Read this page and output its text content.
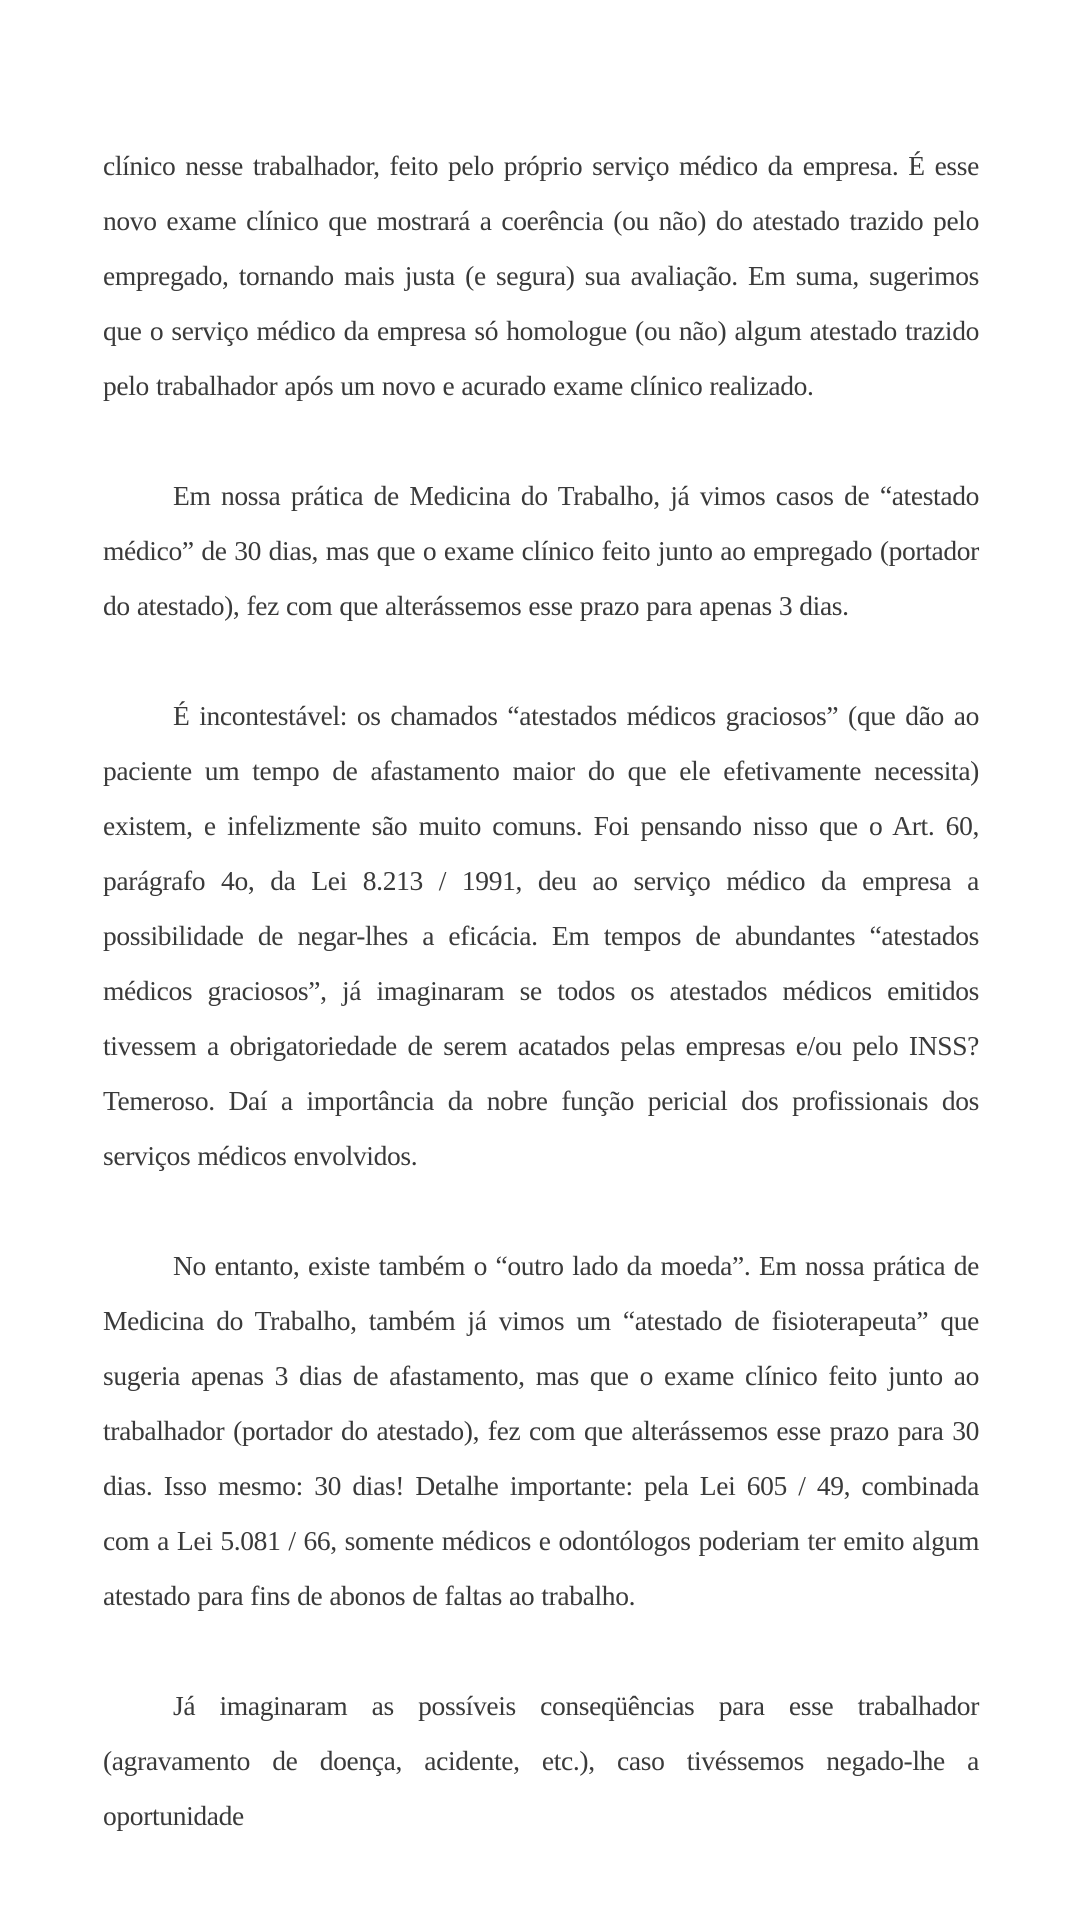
clínico nesse trabalhador, feito pelo próprio serviço médico da empresa. É esse novo exame clínico que mostrará a coerência (ou não) do atestado trazido pelo empregado, tornando mais justa (e segura) sua avaliação. Em suma, sugerimos que o serviço médico da empresa só homologue (ou não) algum atestado trazido pelo trabalhador após um novo e acurado exame clínico realizado.

Em nossa prática de Medicina do Trabalho, já vimos casos de “atestado médico” de 30 dias, mas que o exame clínico feito junto ao empregado (portador do atestado), fez com que alterássemos esse prazo para apenas 3 dias.

É incontestável: os chamados “atestados médicos graciosos” (que dão ao paciente um tempo de afastamento maior do que ele efetivamente necessita) existem, e infelizmente são muito comuns. Foi pensando nisso que o Art. 60, parágrafo 4o, da Lei 8.213 / 1991, deu ao serviço médico da empresa a possibilidade de negar-lhes a eficácia. Em tempos de abundantes “atestados médicos graciosos”, já imaginaram se todos os atestados médicos emitidos tivessem a obrigatoriedade de serem acatados pelas empresas e/ou pelo INSS? Temeroso. Daí a importância da nobre função pericial dos profissionais dos serviços médicos envolvidos.

No entanto, existe também o “outro lado da moeda”. Em nossa prática de Medicina do Trabalho, também já vimos um “atestado de fisioterapeuta” que sugeria apenas 3 dias de afastamento, mas que o exame clínico feito junto ao trabalhador (portador do atestado), fez com que alterássemos esse prazo para 30 dias. Isso mesmo: 30 dias! Detalhe importante: pela Lei 605 / 49, combinada com a Lei 5.081 / 66, somente médicos e odontólogos poderiam ter emito algum atestado para fins de abonos de faltas ao trabalho.

Já imaginaram as possíveis conseqüências para esse trabalhador (agravamento de doença, acidente, etc.), caso tivéssemos negado-lhe a oportunidade
